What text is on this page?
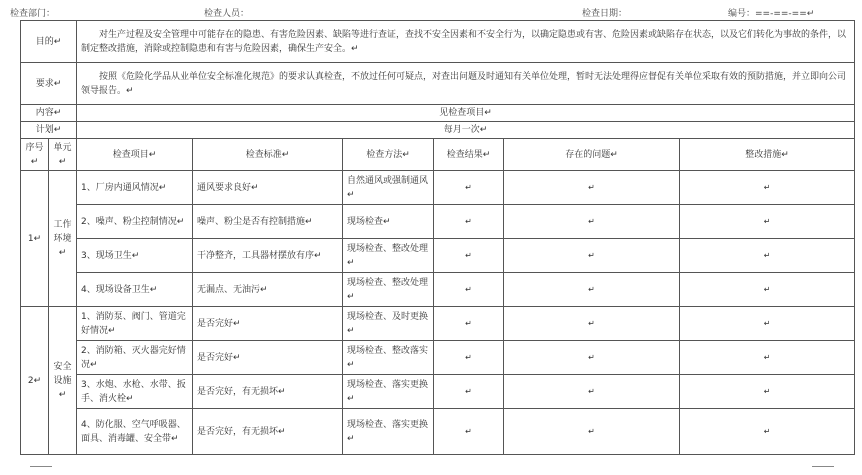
检查部门：	检查人员：	检查日期：	编号：==-==-==↵
目的↵		对生产过程及安全管理中可能存在的隐患、有害危险因素、缺陷等进行查证，查找不安全因素和不安全行为，以确定隐患或有害、危险因素或缺陷存在状态，以及它们转化为事故的条件，以制定整改措施，消除或控制隐患和有害与危险因素，确保生产安全。↵					
要求↵		按照《危险化学品从业单位安全标准化规范》的要求认真检查，不放过任何可疑点，对查出问题及时通知有关单位处理，暂时无法处理得应督促有关单位采取有效的预防措施，并立即向公司领导报告。↵					
内容↵		见检查项目↵					
计划↵		每月一次↵					
序号↵	单元↵	检查项目↵	检查标准↵	检查方法↵	检查结果↵	存在的问题↵	整改措施↵
1↵	工作环境↵	1、厂房内通风情况↵	通风要求良好↵	自然通风或强制通风↵	↵	↵	↵
		2、噪声、粉尘控制情况↵	噪声、粉尘是否有控制措施↵	现场检查↵	↵	↵	↵
		3、现场卫生↵	干净整齐，工具器材摆放有序↵	现场检查、整改处理↵	↵	↵	↵
		4、现场设备卫生↵	无漏点、无油污↵	现场检查、整改处理↵	↵	↵	↵
2↵	安全设施↵	1、消防泵、阀门、管道完好情况↵	是否完好↵	现场检查、及时更换↵	↵	↵	↵
		2、消防箱、灭火器完好情况↵	是否完好↵	现场检查、整改落实↵	↵	↵	↵
		3、水炮、水枪、水带、扳手、消火栓↵	是否完好，有无损坏↵	现场检查、落实更换↵	↵	↵	↵
		4、防化服、空气呼吸器、面具、消毒罐、安全带↵	是否完好，有无损坏↵	现场检查、落实更换↵	↵	↵	↵
